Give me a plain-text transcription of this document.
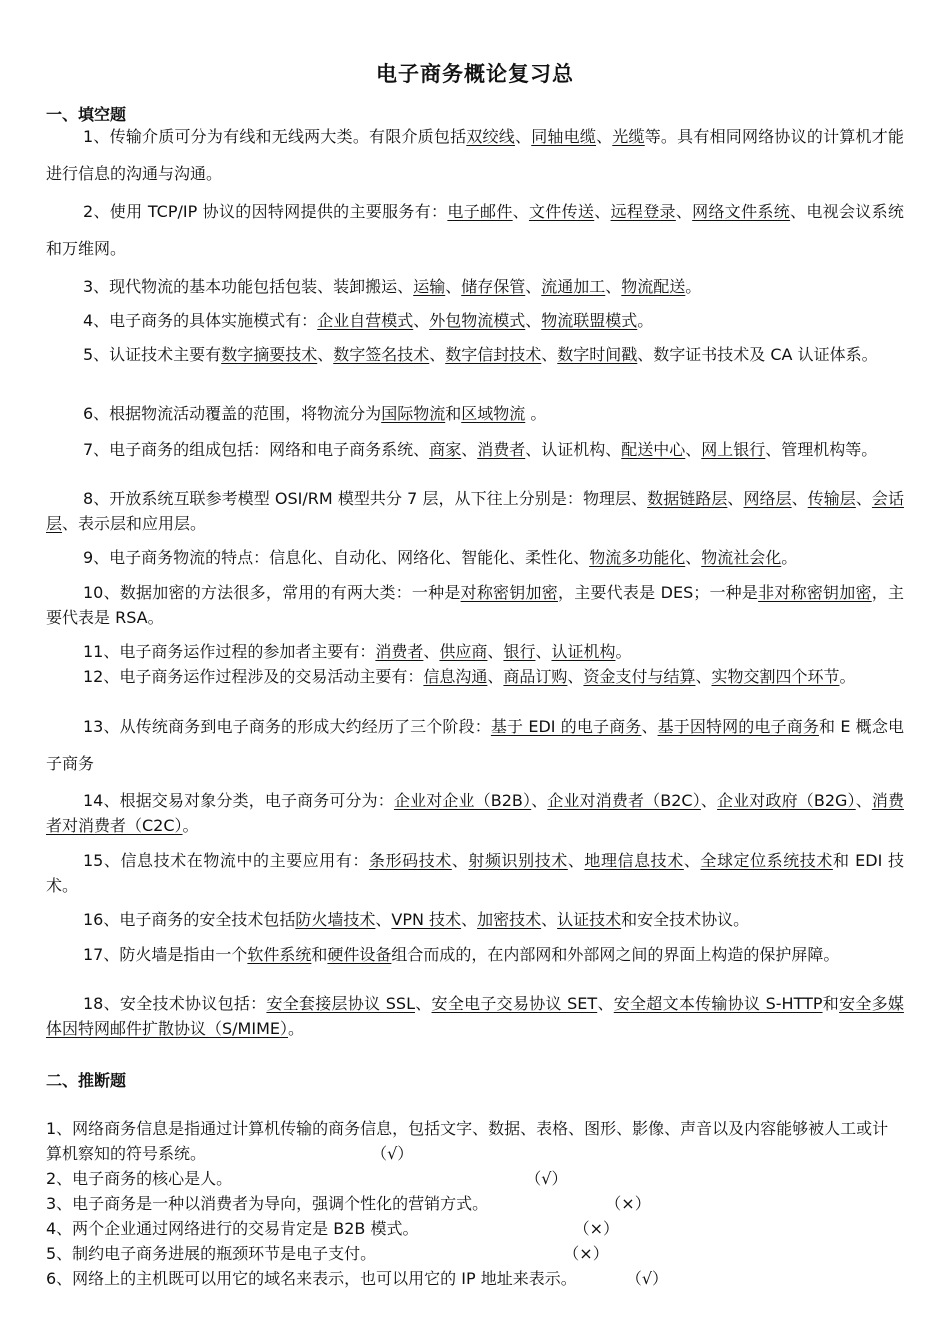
电子商务概论复习总
一、填空题
1、传输介质可分为有线和无线两大类。有限介质包括双绞线、同轴电缆、光缆等。具有相同网络协议的计算机才能进行信息的沟通与沟通。
2、使用 TCP/IP 协议的因特网提供的主要服务有：电子邮件、文件传送、远程登录、网络文件系统、电视会议系统和万维网。
3、现代物流的基本功能包括包装、装卸搬运、运输、储存保管、流通加工、物流配送。
4、电子商务的具体实施模式有：企业自营模式、外包物流模式、物流联盟模式。
5、认证技术主要有数字摘要技术、数字签名技术、数字信封技术、数字时间戳、数字证书技术及 CA 认证体系。
6、根据物流活动覆盖的范围，将物流分为国际物流和区域物流 。
7、电子商务的组成包括：网络和电子商务系统、商家、消费者、认证机构、配送中心、网上银行、管理机构等。
8、开放系统互联参考模型 OSI/RM 模型共分 7 层，从下往上分别是：物理层、数据链路层、网络层、传输层、会话层、表示层和应用层。
9、电子商务物流的特点：信息化、自动化、网络化、智能化、柔性化、物流多功能化、物流社会化。
10、数据加密的方法很多，常用的有两大类：一种是对称密钥加密，主要代表是 DES；一种是非对称密钥加密，主要代表是 RSA。
11、电子商务运作过程的参加者主要有：消费者、供应商、银行、认证机构。
12、电子商务运作过程涉及的交易活动主要有：信息沟通、商品订购、资金支付与结算、实物交割四个环节。
13、从传统商务到电子商务的形成大约经历了三个阶段：基于 EDI 的电子商务、基于因特网的电子商务和 E 概念电子商务
14、根据交易对象分类，电子商务可分为：企业对企业（B2B）、企业对消费者（B2C）、企业对政府（B2G）、消费者对消费者（C2C）。
15、信息技术在物流中的主要应用有：条形码技术、射频识别技术、地理信息技术、全球定位系统技术和 EDI 技术。
16、电子商务的安全技术包括防火墙技术、VPN 技术、加密技术、认证技术和安全技术协议。
17、防火墙是指由一个软件系统和硬件设备组合而成的，在内部网和外部网之间的界面上构造的保护屏障。
18、安全技术协议包括：安全套接层协议 SSL、安全电子交易协议 SET、安全超文本传输协议 S-HTTP和安全多媒体因特网邮件扩散协议（S/MIME）。
二、推断题
1、网络商务信息是指通过计算机传输的商务信息，包括文字、数据、表格、图形、影像、声音以及内容能够被人工或计算机察知的符号系统。	（√）
2、电子商务的核心是人。	（√）
3、电子商务是一种以消费者为导向，强调个性化的营销方式。	（×）
4、两个企业通过网络进行的交易肯定是 B2B 模式。	（×）
5、制约电子商务进展的瓶颈环节是电子支付。	（×）
6、网络上的主机既可以用它的域名来表示，也可以用它的 IP 地址来表示。	（√）
